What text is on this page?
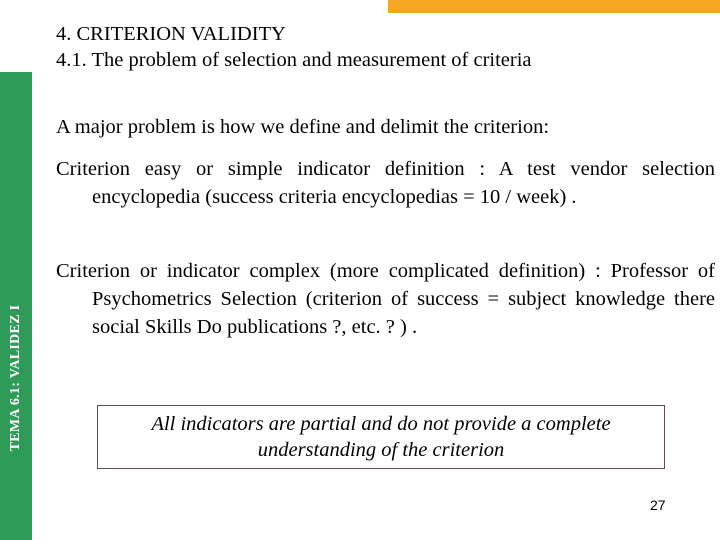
TEMA 6.1: VALIDEZ I
4. CRITERION VALIDITY
4.1. The problem of selection and measurement of criteria
A major problem is how we define and delimit the criterion:
Criterion easy or simple indicator definition : A test vendor selection encyclopedia (success criteria encyclopedias = 10 / week) .
Criterion or indicator complex (more complicated definition) : Professor of Psychometrics Selection (criterion of success = subject knowledge there social Skills Do publications ?, etc. ? ) .
All indicators are partial and do not provide a complete understanding of the criterion
27
